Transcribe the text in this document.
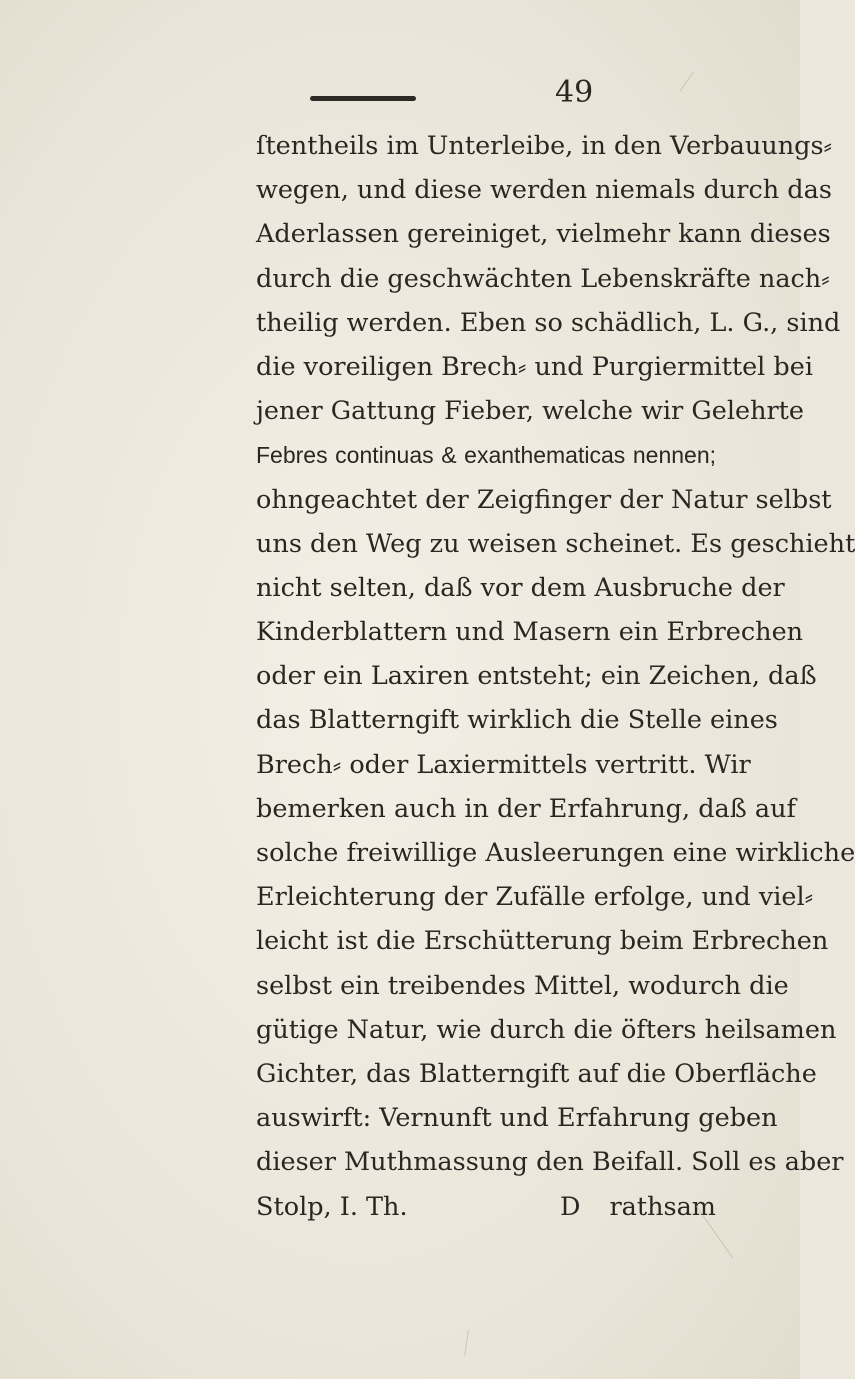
49
ſtentheils im Unterleibe, in den Verbauungs⸗
wegen, und diese werden niemals durch das
Aderlassen gereiniget, vielmehr kann dieses
durch die geschwächten Lebenskräfte nach⸗
theilig werden. Eben so schädlich, L. G., sind
die voreiligen Brech⸗ und Purgiermittel bei
jener Gattung Fieber, welche wir Gelehrte
Febres continuas & exanthematicas nennen;
ohngeachtet der Zeigfinger der Natur selbst
uns den Weg zu weisen scheinet. Es geschieht
nicht selten, daß vor dem Ausbruche der
Kinderblattern und Masern ein Erbrechen
oder ein Laxiren entsteht; ein Zeichen, daß
das Blatterngift wirklich die Stelle eines
Brech⸗ oder Laxiermittels vertritt. Wir
bemerken auch in der Erfahrung, daß auf
solche freiwillige Ausleerungen eine wirkliche
Erleichterung der Zufälle erfolge, und viel⸗
leicht ist die Erschütterung beim Erbrechen
selbst ein treibendes Mittel, wodurch die
gütige Natur, wie durch die öfters heilsamen
Gichter, das Blatterngift auf die Oberfläche
auswirft: Vernunft und Erfahrung geben
dieser Muthmassung den Beifall. Soll es aber
Stolp, I. Th.	D rathsam
